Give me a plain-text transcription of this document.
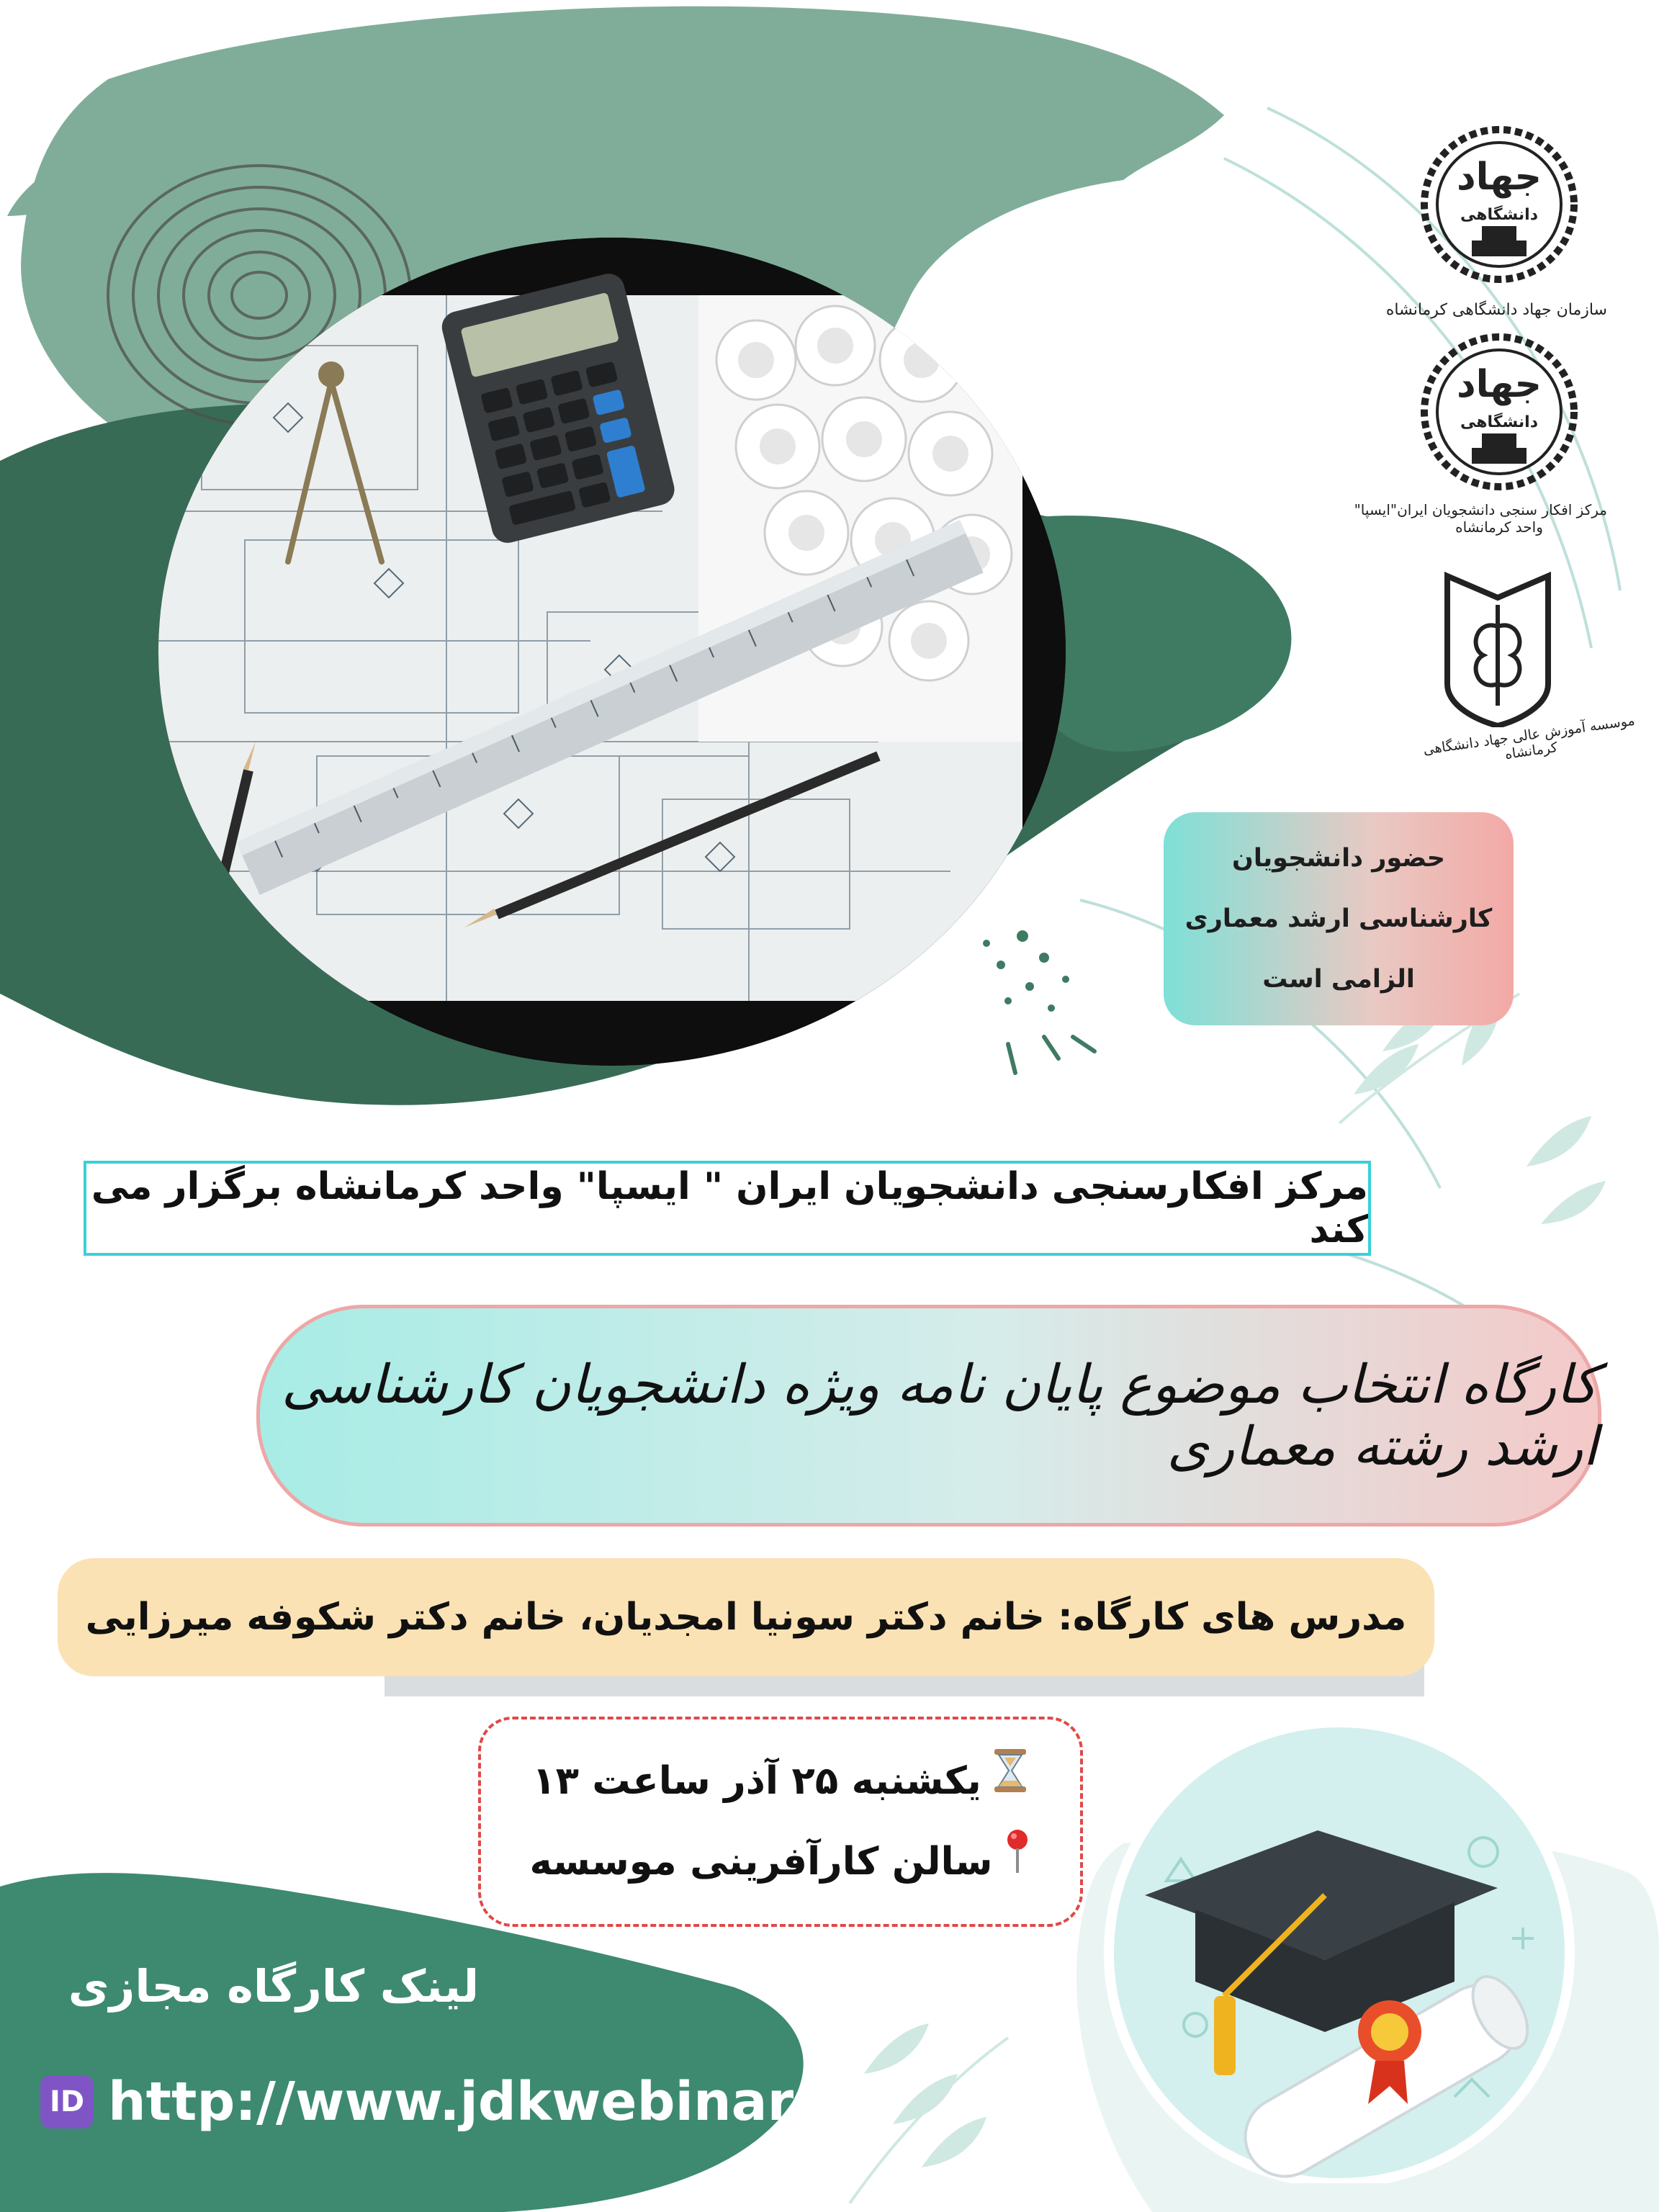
جهاد
دانشگاهی
سازمان جهاد دانشگاهی کرمانشاه
جهاد
دانشگاهی
مرکز افکار سنجی دانشجویان ایران"ایسپا"
واحد کرمانشاه
موسسه آموزش عالی جهاد دانشگاهی کرمانشاه
حضور دانشجویان
کارشناسی ارشد معماری
الزامی است
مرکز افکارسنجی دانشجویان ایران " ایسپا" واحد کرمانشاه برگزار می کند
کارگاه انتخاب موضوع پایان نامه ویژه دانشجویان کارشناسی ارشد رشته معماری
مدرس های کارگاه: خانم دکتر سونیا امجدیان، خانم دکتر شکوفه میرزایی
یکشنبه ۲۵ آذر ساعت ۱۳
سالن کارآفرینی موسسه
لینک کارگاه مجازی
ID http://www.jdkwebinar.ir
